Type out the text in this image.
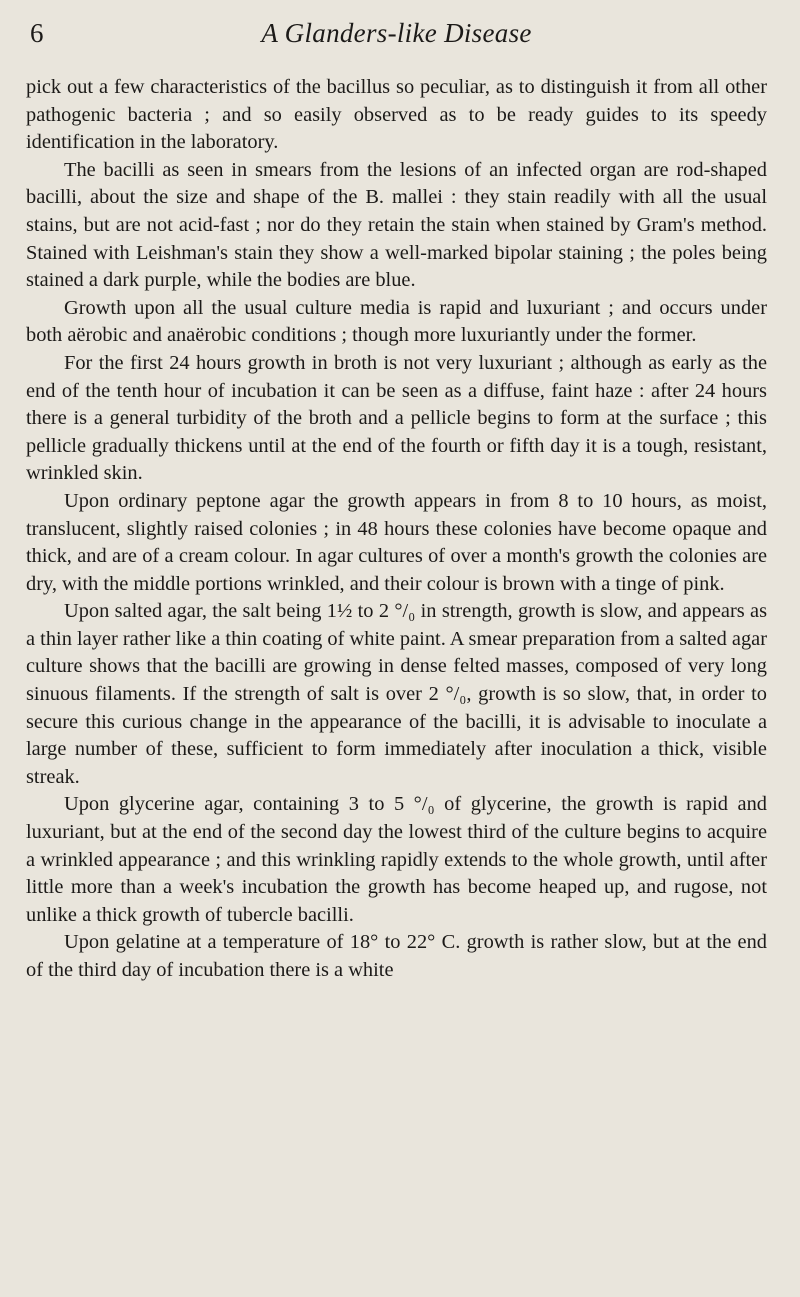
6	A Glanders-like Disease

pick out a few characteristics of the bacillus so peculiar, as to distinguish it from all other pathogenic bacteria ; and so easily observed as to be ready guides to its speedy identification in the laboratory.

The bacilli as seen in smears from the lesions of an infected organ are rod-shaped bacilli, about the size and shape of the B. mallei : they stain readily with all the usual stains, but are not acid-fast ; nor do they retain the stain when stained by Gram's method. Stained with Leishman's stain they show a well-marked bipolar staining ; the poles being stained a dark purple, while the bodies are blue.

Growth upon all the usual culture media is rapid and luxuriant ; and occurs under both aërobic and anaërobic conditions ; though more luxuriantly under the former.

For the first 24 hours growth in broth is not very luxuriant ; although as early as the end of the tenth hour of incubation it can be seen as a diffuse, faint haze : after 24 hours there is a general turbidity of the broth and a pellicle begins to form at the surface ; this pellicle gradually thickens until at the end of the fourth or fifth day it is a tough, resistant, wrinkled skin.

Upon ordinary peptone agar the growth appears in from 8 to 10 hours, as moist, translucent, slightly raised colonies ; in 48 hours these colonies have become opaque and thick, and are of a cream colour. In agar cultures of over a month's growth the colonies are dry, with the middle portions wrinkled, and their colour is brown with a tinge of pink.

Upon salted agar, the salt being 1½ to 2 °/₀ in strength, growth is slow, and appears as a thin layer rather like a thin coating of white paint. A smear preparation from a salted agar culture shows that the bacilli are growing in dense felted masses, composed of very long sinuous filaments. If the strength of salt is over 2 °/₀, growth is so slow, that, in order to secure this curious change in the appearance of the bacilli, it is advisable to inoculate a large number of these, sufficient to form immediately after inoculation a thick, visible streak.

Upon glycerine agar, containing 3 to 5 °/₀ of glycerine, the growth is rapid and luxuriant, but at the end of the second day the lowest third of the culture begins to acquire a wrinkled appearance ; and this wrinkling rapidly extends to the whole growth, until after little more than a week's incubation the growth has become heaped up, and rugose, not unlike a thick growth of tubercle bacilli.

Upon gelatine at a temperature of 18° to 22° C. growth is rather slow, but at the end of the third day of incubation there is a white
